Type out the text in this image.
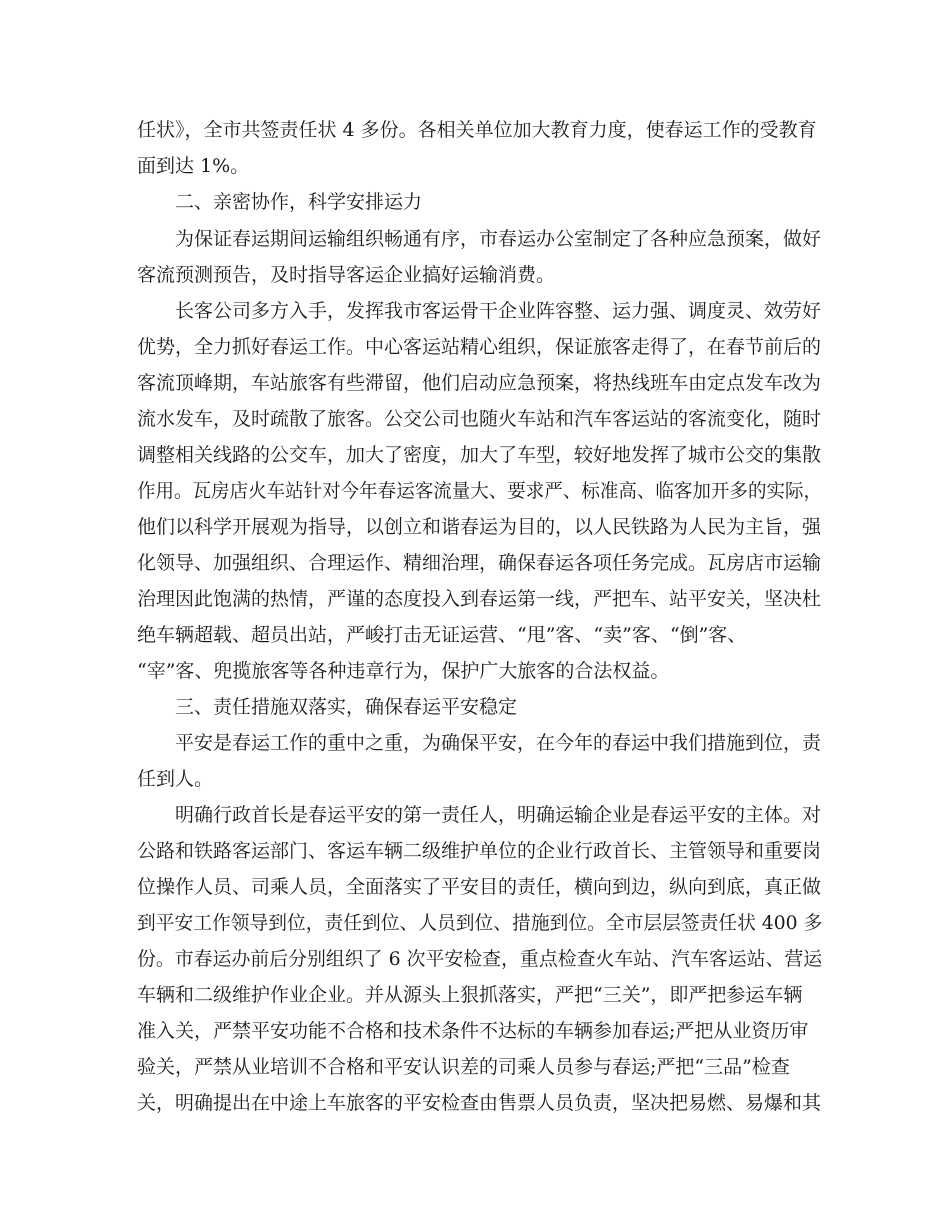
任状》，全市共签责任状 4 多份。各相关单位加大教育力度，使春运工作的受教育
面到达 1%。
二、亲密协作，科学安排运力
为保证春运期间运输组织畅通有序，市春运办公室制定了各种应急预案，做好
客流预测预告，及时指导客运企业搞好运输消费。
长客公司多方入手，发挥我市客运骨干企业阵容整、运力强、调度灵、效劳好
优势，全力抓好春运工作。中心客运站精心组织，保证旅客走得了，在春节前后的
客流顶峰期，车站旅客有些滞留，他们启动应急预案，将热线班车由定点发车改为
流水发车，及时疏散了旅客。公交公司也随火车站和汽车客运站的客流变化，随时
调整相关线路的公交车，加大了密度，加大了车型，较好地发挥了城市公交的集散
作用。瓦房店火车站针对今年春运客流量大、要求严、标准高、临客加开多的实际，
他们以科学开展观为指导，以创立和谐春运为目的，以人民铁路为人民为主旨，强
化领导、加强组织、合理运作、精细治理，确保春运各项任务完成。瓦房店市运输
治理因此饱满的热情，严谨的态度投入到春运第一线，严把车、站平安关，坚决杜
绝车辆超载、超员出站，严峻打击无证运营、“甩”客、“卖”客、“倒”客、
“宰”客、兜揽旅客等各种违章行为，保护广大旅客的合法权益。
三、责任措施双落实，确保春运平安稳定
平安是春运工作的重中之重，为确保平安，在今年的春运中我们措施到位，责
任到人。
明确行政首长是春运平安的第一责任人，明确运输企业是春运平安的主体。对
公路和铁路客运部门、客运车辆二级维护单位的企业行政首长、主管领导和重要岗
位操作人员、司乘人员，全面落实了平安目的责任，横向到边，纵向到底，真正做
到平安工作领导到位，责任到位、人员到位、措施到位。全市层层签责任状 400 多
份。市春运办前后分别组织了 6 次平安检查，重点检查火车站、汽车客运站、营运
车辆和二级维护作业企业。并从源头上狠抓落实，严把“三关”，即严把参运车辆
准入关，严禁平安功能不合格和技术条件不达标的车辆参加春运;严把从业资历审
验关，严禁从业培训不合格和平安认识差的司乘人员参与春运;严把“三品”检查
关，明确提出在中途上车旅客的平安检查由售票人员负责，坚决把易燃、易爆和其
